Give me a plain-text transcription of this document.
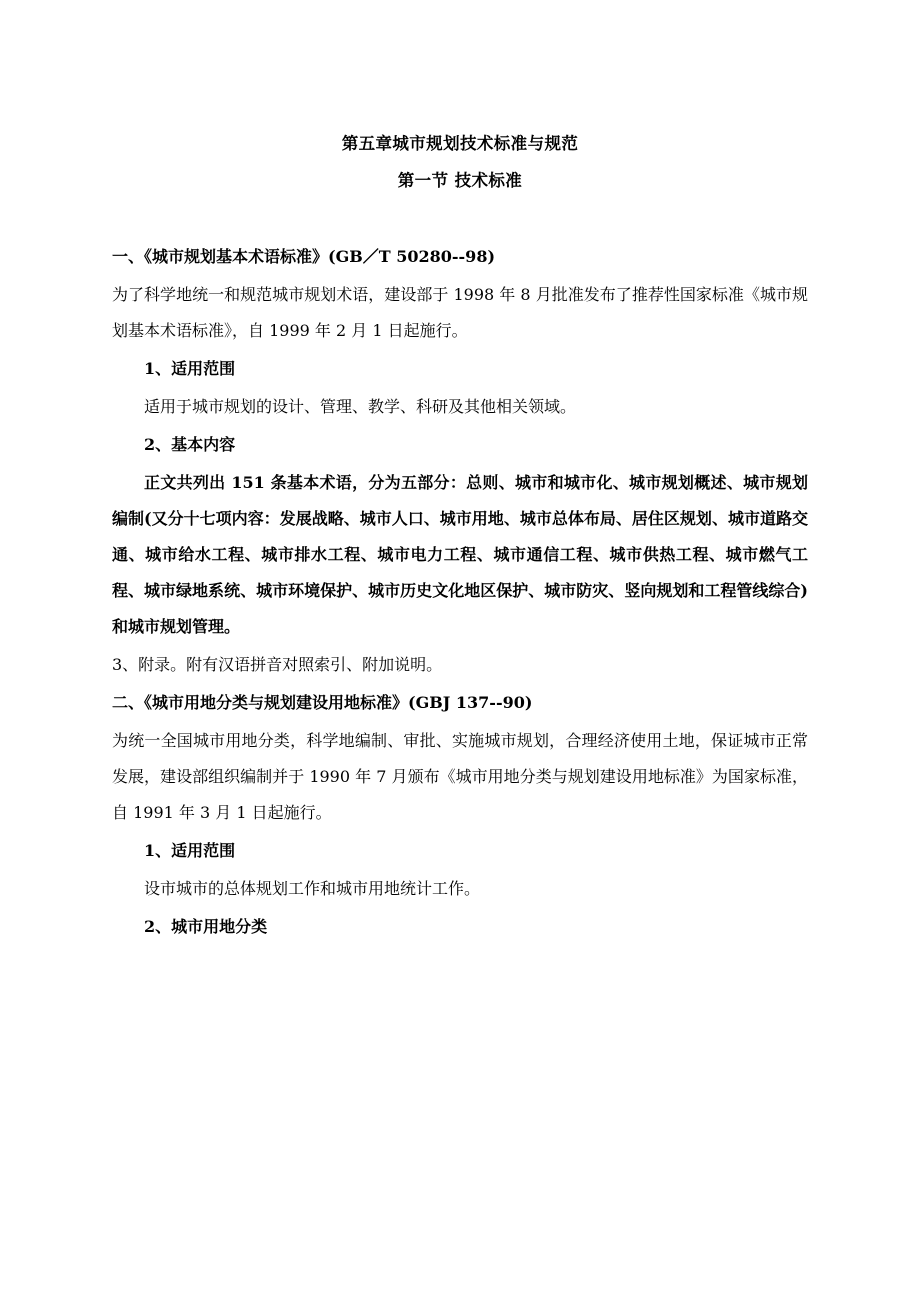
第五章城市规划技术标准与规范
第一节 技术标准

一、《城市规划基本术语标准》(GB／T 50280--98)

为了科学地统一和规范城市规划术语，建设部于 1998 年 8 月批准发布了推荐性国家标准《城市规划基本术语标准》，自 1999 年 2 月 1 日起施行。

1、适用范围

适用于城市规划的设计、管理、教学、科研及其他相关领域。

2、基本内容

正文共列出 151 条基本术语，分为五部分：总则、城市和城市化、城市规划概述、城市规划编制(又分十七项内容：发展战略、城市人口、城市用地、城市总体布局、居住区规划、城市道路交通、城市给水工程、城市排水工程、城市电力工程、城市通信工程、城市供热工程、城市燃气工程、城市绿地系统、城市环境保护、城市历史文化地区保护、城市防灾、竖向规划和工程管线综合)和城市规划管理。

3、附录。附有汉语拼音对照索引、附加说明。

二、《城市用地分类与规划建设用地标准》(GBJ 137--90)

为统一全国城市用地分类，科学地编制、审批、实施城市规划，合理经济使用土地，保证城市正常发展，建设部组织编制并于 1990 年 7 月颁布《城市用地分类与规划建设用地标准》为国家标准，自 1991 年 3 月 1 日起施行。

1、适用范围

设市城市的总体规划工作和城市用地统计工作。

2、城市用地分类
